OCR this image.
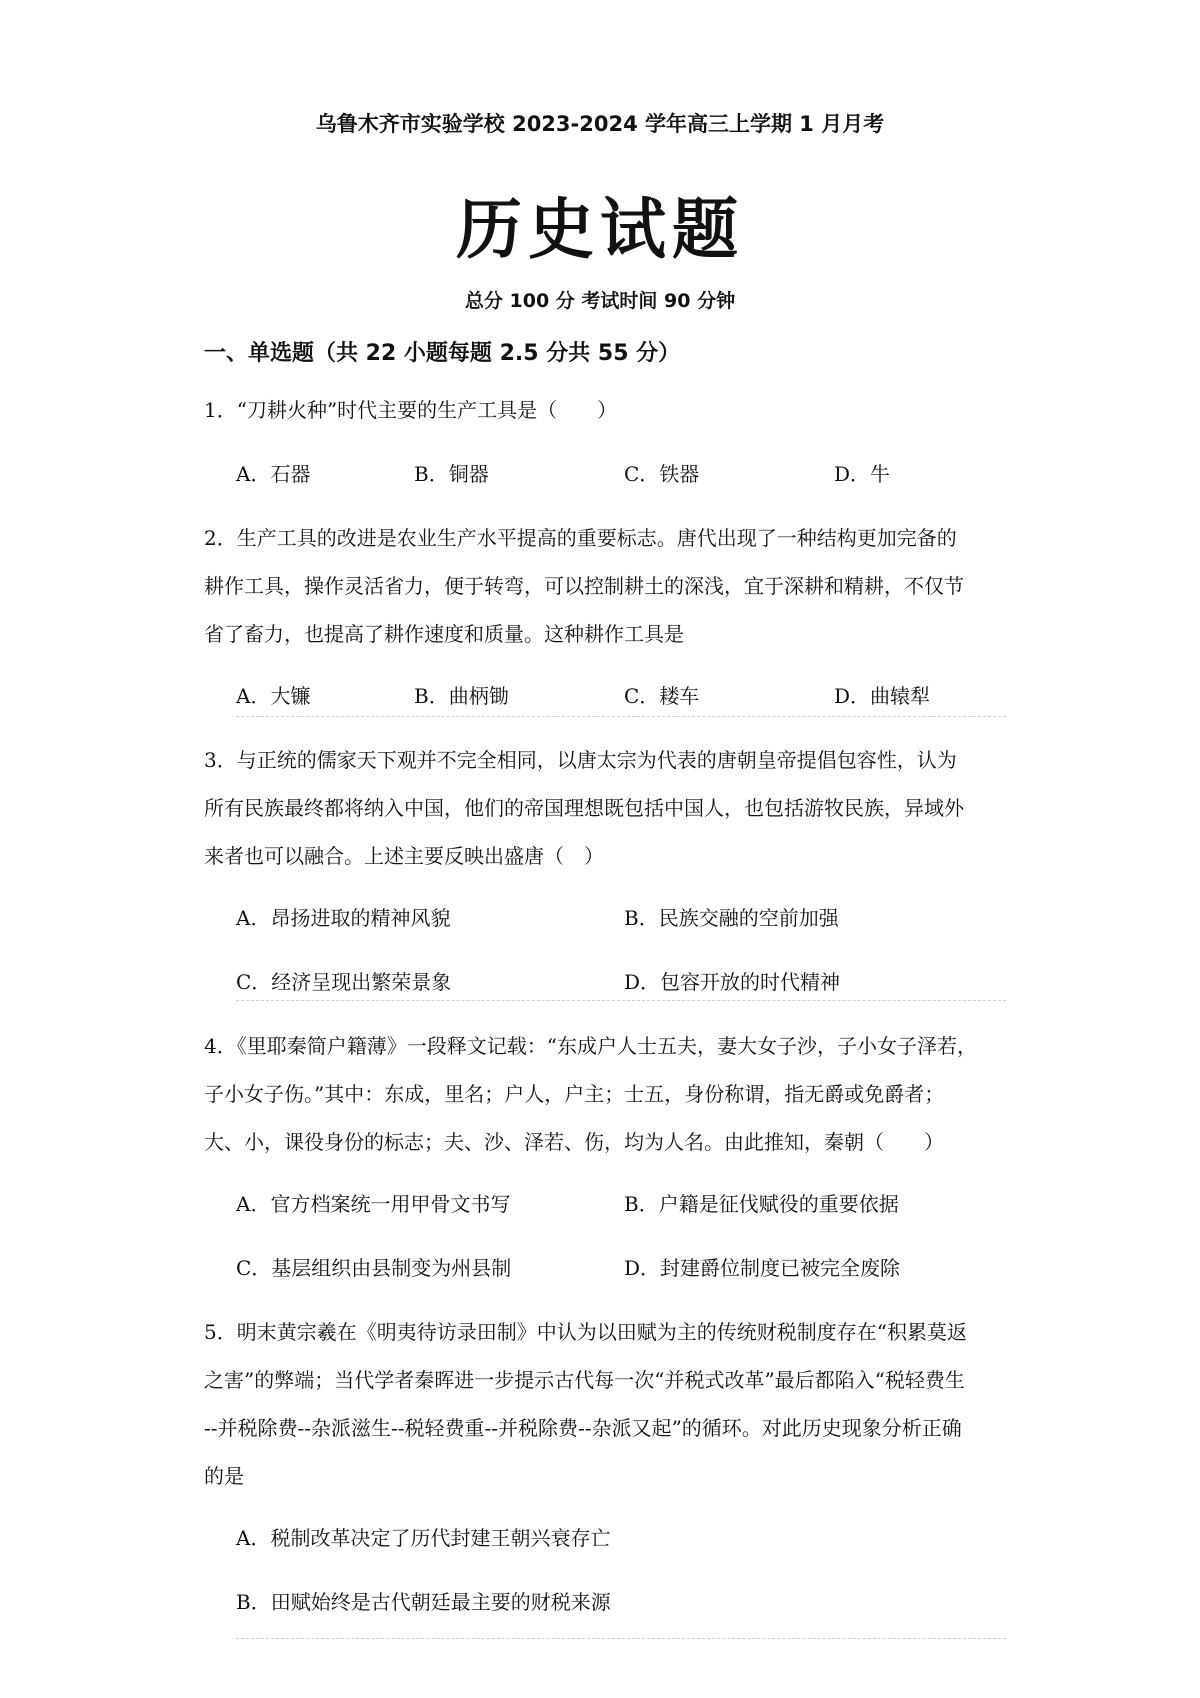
乌鲁木齐市实验学校 2023-2024 学年高三上学期 1 月月考
历史试题
总分 100 分 考试时间 90 分钟
一、单选题（共 22 小题每题 2.5 分共 55 分）
1．“刀耕火种”时代主要的生产工具是（　　）
A．石器	B．铜器	C．铁器	D．牛
2．生产工具的改进是农业生产水平提高的重要标志。唐代出现了一种结构更加完备的
耕作工具，操作灵活省力，便于转弯，可以控制耕土的深浅，宜于深耕和精耕，不仅节
省了畜力，也提高了耕作速度和质量。这种耕作工具是
A．大镰	B．曲柄锄	C．耧车	D．曲辕犁
3．与正统的儒家天下观并不完全相同，以唐太宗为代表的唐朝皇帝提倡包容性，认为
所有民族最终都将纳入中国，他们的帝国理想既包括中国人，也包括游牧民族，异域外
来者也可以融合。上述主要反映出盛唐（　）
A．昂扬进取的精神风貌	B．民族交融的空前加强
C．经济呈现出繁荣景象	D．包容开放的时代精神
4．《里耶秦简户籍薄》一段释文记载：“东成户人士五夫，妻大女子沙，子小女子泽若，
子小女子伤。”其中：东成，里名；户人，户主；士五，身份称谓，指无爵或免爵者；
大、小，课役身份的标志；夫、沙、泽若、伤，均为人名。由此推知，秦朝（　　）
A．官方档案统一用甲骨文书写	B．户籍是征伐赋役的重要依据
C．基层组织由县制变为州县制	D．封建爵位制度已被完全废除
5．明末黄宗羲在《明夷待访录田制》中认为以田赋为主的传统财税制度存在“积累莫返
之害”的弊端；当代学者秦晖进一步提示古代每一次“并税式改革”最后都陷入“税轻费生
--并税除费--杂派滋生--税轻费重--并税除费--杂派又起”的循环。对此历史现象分析正确
的是
A．税制改革决定了历代封建王朝兴衰存亡
B．田赋始终是古代朝廷最主要的财税来源
